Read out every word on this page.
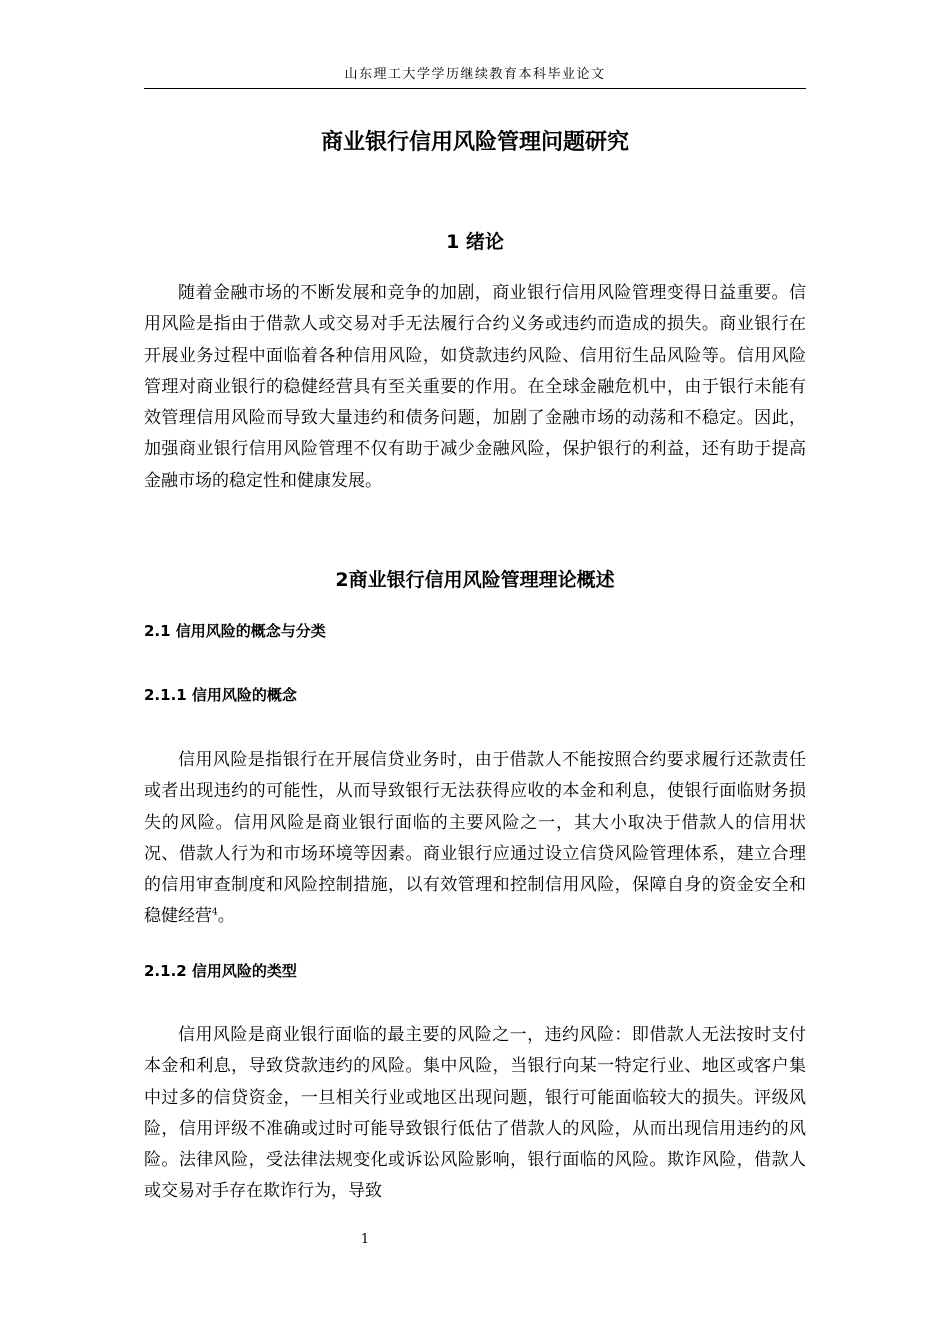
山东理工大学学历继续教育本科毕业论文
商业银行信用风险管理问题研究
1 绪论

随着金融市场的不断发展和竞争的加剧，商业银行信用风险管理变得日益重要。信用风险是指由于借款人或交易对手无法履行合约义务或违约而造成的损失。商业银行在开展业务过程中面临着各种信用风险，如贷款违约风险、信用衍生品风险等。信用风险管理对商业银行的稳健经营具有至关重要的作用。在全球金融危机中，由于银行未能有效管理信用风险而导致大量违约和债务问题，加剧了金融市场的动荡和不稳定。因此，加强商业银行信用风险管理不仅有助于减少金融风险，保护银行的利益，还有助于提高金融市场的稳定性和健康发展。

2商业银行信用风险管理理论概述
2.1 信用风险的概念与分类
2.1.1 信用风险的概念

信用风险是指银行在开展信贷业务时，由于借款人不能按照合约要求履行还款责任或者出现违约的可能性，从而导致银行无法获得应收的本金和利息，使银行面临财务损失的风险。信用风险是商业银行面临的主要风险之一，其大小取决于借款人的信用状况、借款人行为和市场环境等因素。商业银行应通过设立信贷风险管理体系，建立合理的信用审查制度和风险控制措施，以有效管理和控制信用风险，保障自身的资金安全和稳健经营$^4$。

2.1.2 信用风险的类型

信用风险是商业银行面临的最主要的风险之一，违约风险：即借款人无法按时支付本金和利息，导致贷款违约的风险。集中风险，当银行向某一特定行业、地区或客户集中过多的信贷资金，一旦相关行业或地区出现问题，银行可能面临较大的损失。评级风险，信用评级不准确或过时可能导致银行低估了借款人的风险，从而出现信用违约的风险。法律风险，受法律法规变化或诉讼风险影响，银行面临的风险。欺诈风险，借款人或交易对手存在欺诈行为，导致

1
